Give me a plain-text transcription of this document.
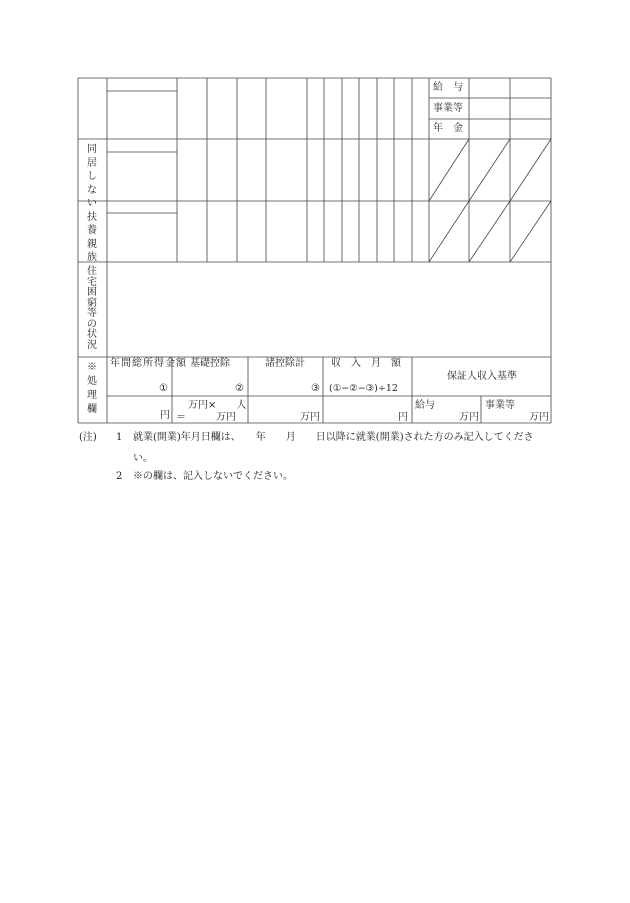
給　与
事業等
年　金
同居しない扶養親族
住宅困窮等の状況
※処理欄
年間総所得金額
①
基礎控除
②
諸控除計
③
収　入　月　額
(①−②−③)÷12
保証人収入基準
円
万円×　　人
＝　　　万円	万円	円
給与
万円
事業等
万円
(注) 1 就業(開業)年月日欄は、　　年　　月　　日以降に就業(開業)された方のみ記入してくださ
い。
2 ※の欄は、記入しないでください。
